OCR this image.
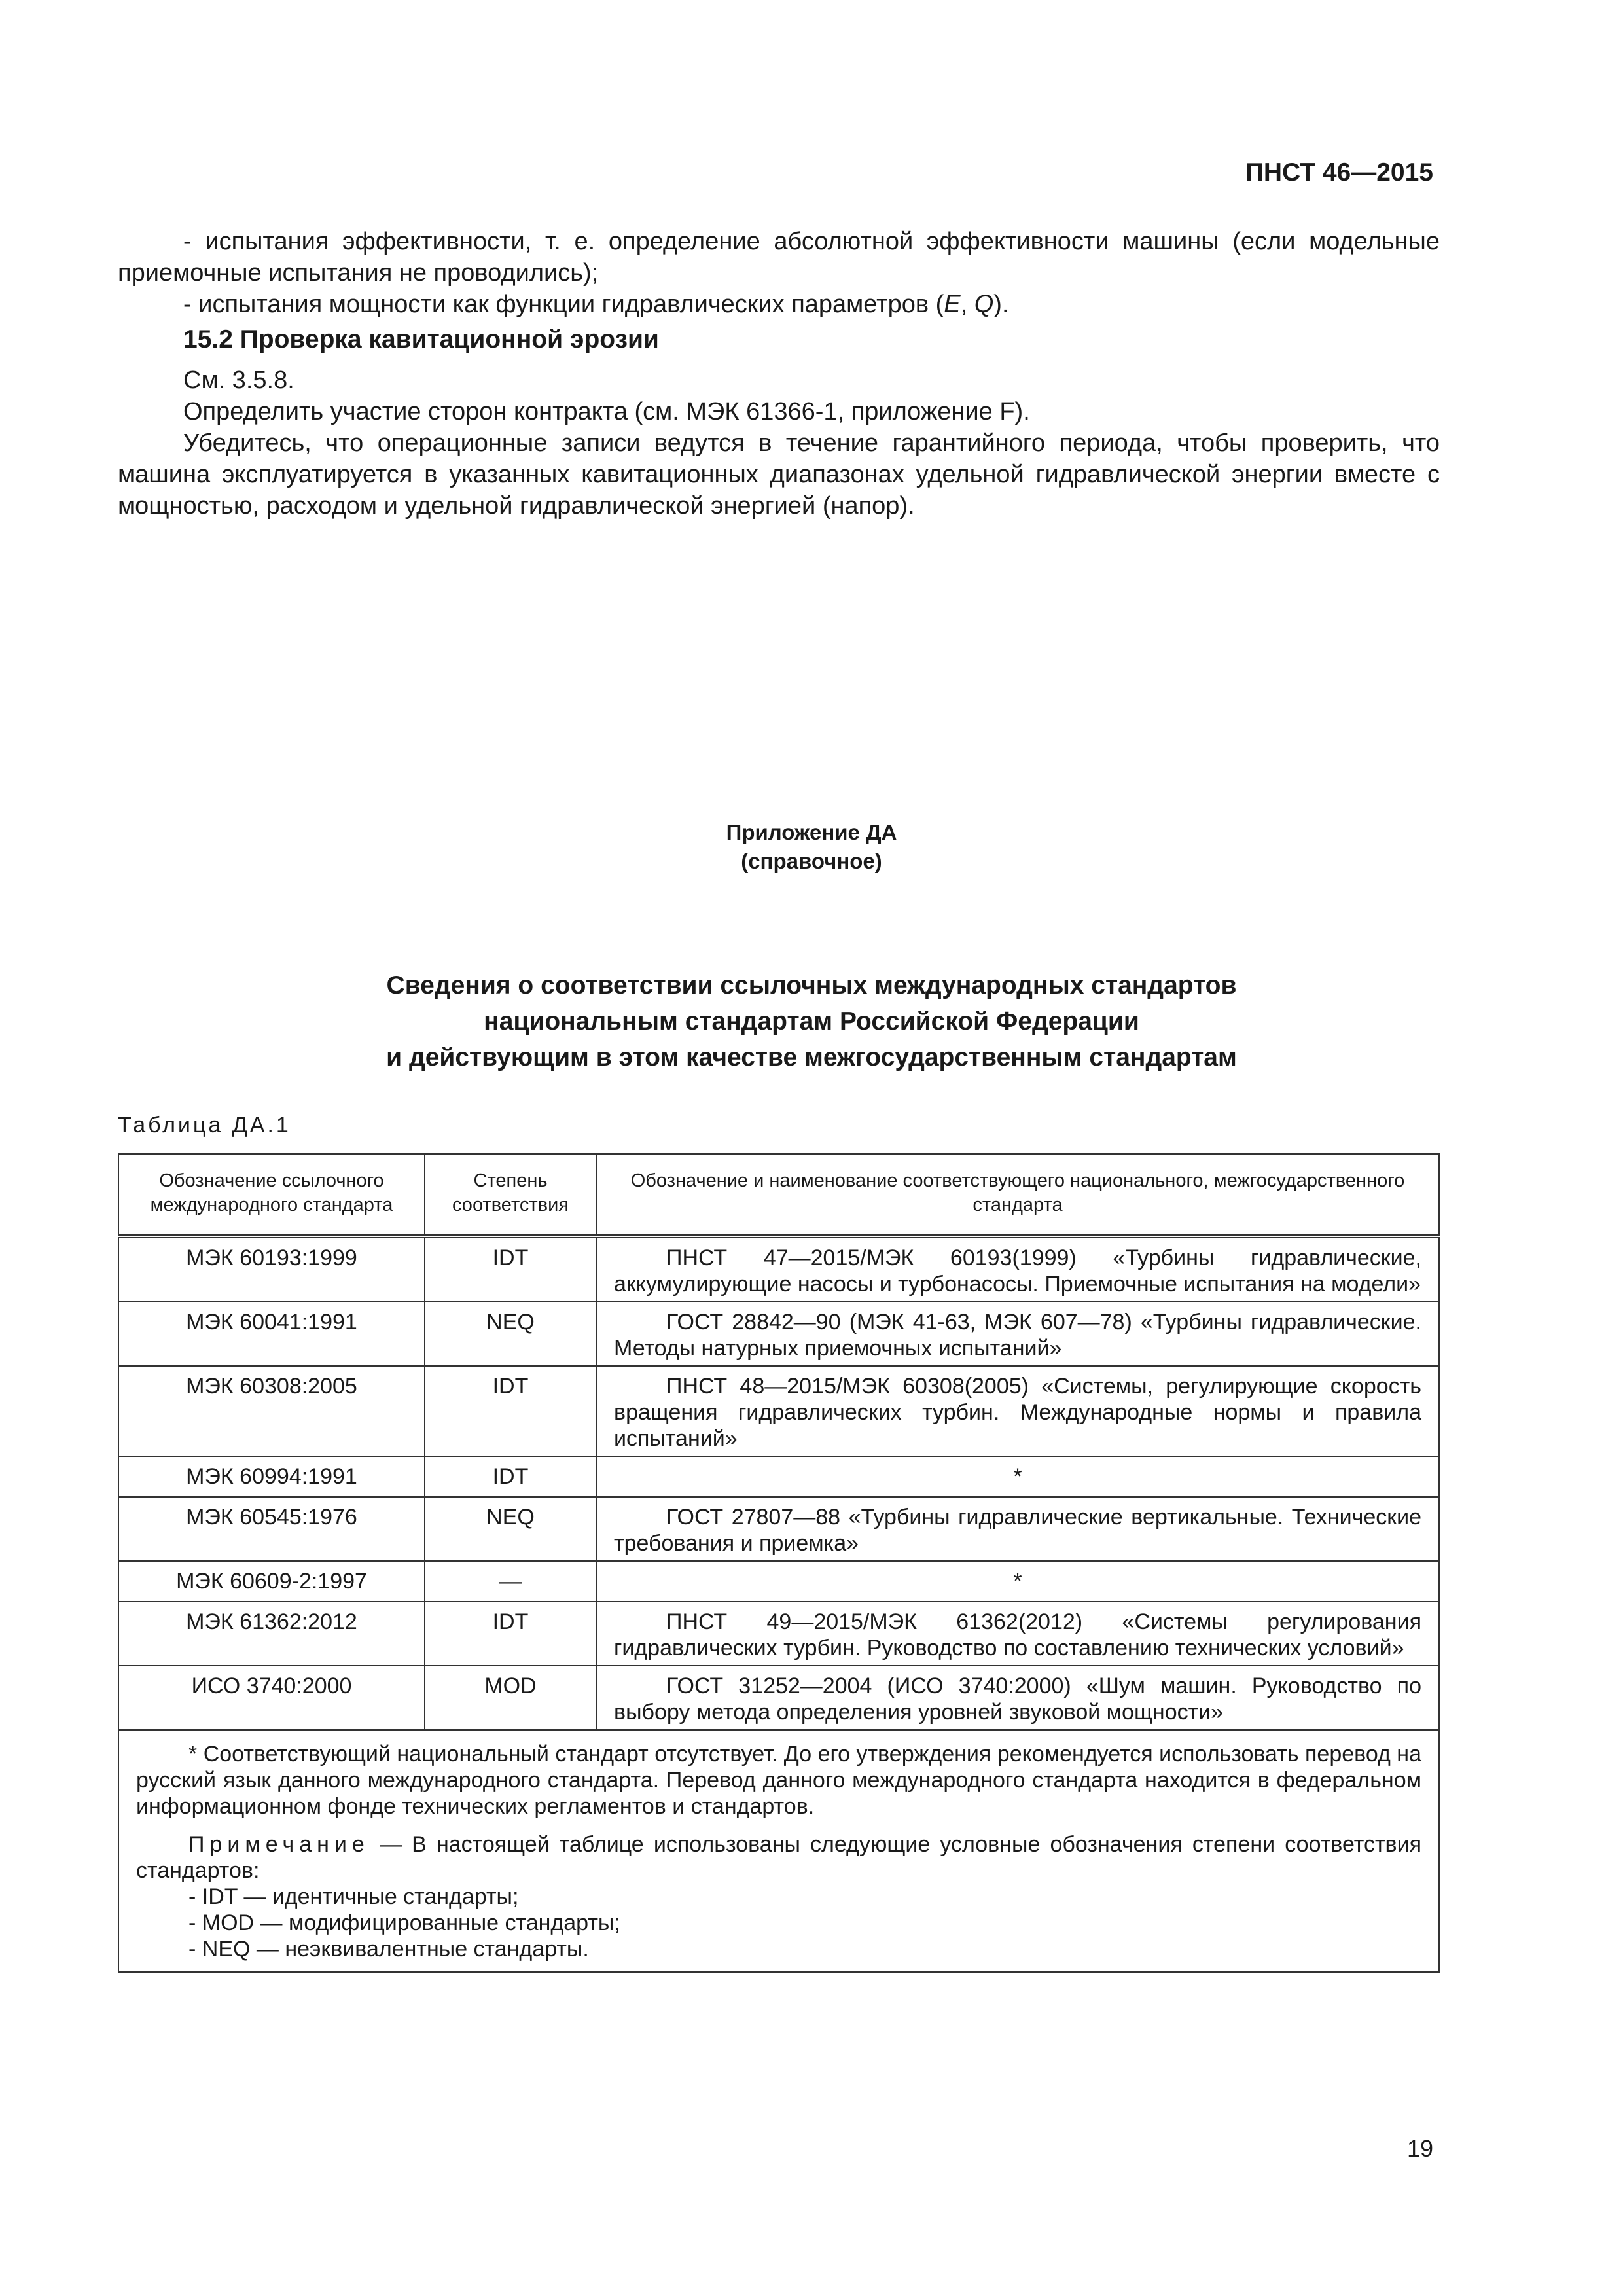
ПНСТ 46—2015

- испытания эффективности, т. е. определение абсолютной эффективности машины (если модельные приемочные испытания не проводились);

- испытания мощности как функции гидравлических параметров (E, Q).

15.2 Проверка кавитационной эрозии

См. 3.5.8.

Определить участие сторон контракта (см. МЭК 61366-1, приложение F).

Убедитесь, что операционные записи ведутся в течение гарантийного периода, чтобы проверить, что машина эксплуатируется в указанных кавитационных диапазонах удельной гидравлической энергии вместе с мощностью, расходом и удельной гидравлической энергией (напор).

Приложение ДА
(справочное)
Сведения о соответствии ссылочных международных стандартов
национальным стандартам Российской Федерации
и действующим в этом качестве межгосударственным стандартам
Таблица ДА.1
Обозначение ссылочного международного стандарта	Степень соответствия	Обозначение и наименование соответствующего национального, межгосударственного стандарта
МЭК 60193:1999	IDT	ПНСТ 47—2015/МЭК 60193(1999) «Турбины гидравлические, аккумулирующие насосы и турбонасосы. Приемочные испытания на модели»

МЭК 60041:1991	NEQ	ГОСТ 28842—90 (МЭК 41-63, МЭК 607—78) «Турбины гидравлические. Методы натурных приемочных испытаний»

МЭК 60308:2005	IDT	ПНСТ 48—2015/МЭК 60308(2005) «Системы, регулирующие скорость вращения гидравлических турбин. Международные нормы и правила испытаний»

МЭК 60994:1991	IDT	*
МЭК 60545:1976	NEQ	ГОСТ 27807—88 «Турбины гидравлические вертикальные. Технические требования и приемка»

МЭК 60609-2:1997	—	*
МЭК 61362:2012	IDT	ПНСТ 49—2015/МЭК 61362(2012) «Системы регулирования гидравлических турбин. Руководство по составлению технических условий»

ИСО 3740:2000	MOD	ГОСТ 31252—2004 (ИСО 3740:2000) «Шум машин. Руководство по выбору метода определения уровней звуковой мощности»

* Соответствующий национальный стандарт отсутствует. До его утверждения рекомендуется использовать перевод на русский язык данного международного стандарта. Перевод данного международного стандарта находится в федеральном информационном фонде технических регламентов и стандартов.

Примечание — В настоящей таблице использованы следующие условные обозначения степени соответствия стандартов:

- IDT — идентичные стандарты;

- MOD — модифицированные стандарты;

- NEQ — неэквивалентные стандарты.		

19
